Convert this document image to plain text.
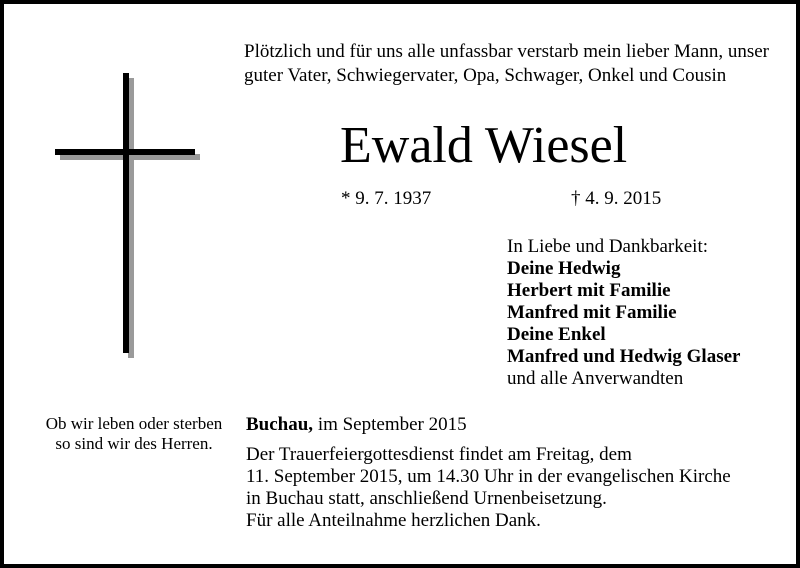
Plötzlich und für uns alle unfassbar verstarb mein lieber Mann, unser guter Vater, Schwiegervater, Opa, Schwager, Onkel und Cousin
Ewald Wiesel
* 9. 7. 1937	† 4. 9. 2015
In Liebe und Dankbarkeit:
Deine Hedwig
Herbert mit Familie
Manfred mit Familie
Deine Enkel
Manfred und Hedwig Glaser
und alle Anverwandten
Ob wir leben oder sterben so sind wir des Herren.
Buchau, im September 2015
Der Trauerfeiergottesdienst findet am Freitag, dem
11. September 2015, um 14.30 Uhr in der evangelischen Kirche
in Buchau statt, anschließend Urnenbeisetzung.
Für alle Anteilnahme herzlichen Dank.
